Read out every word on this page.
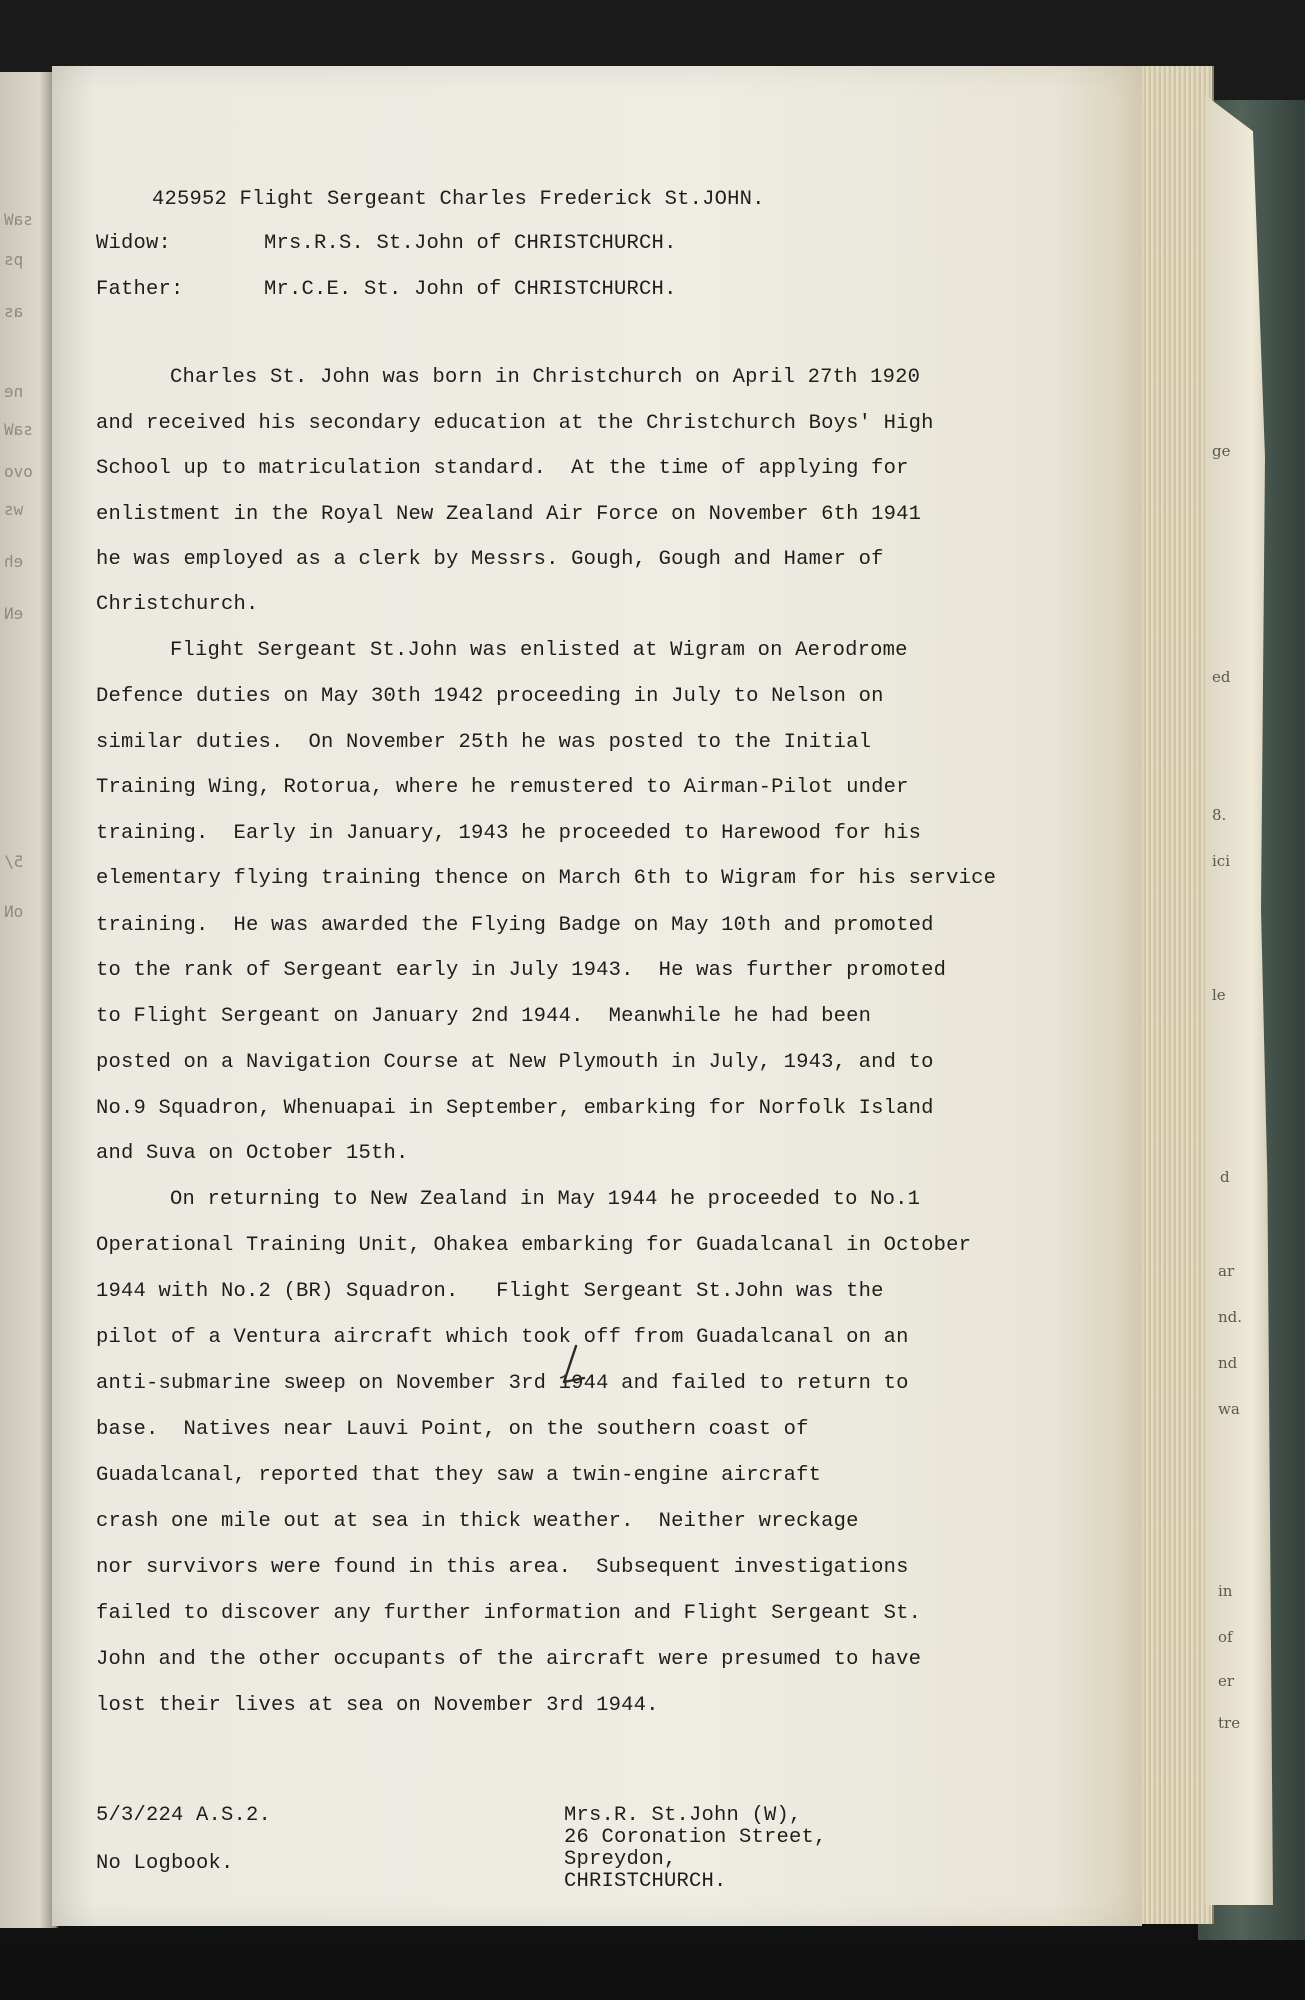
saW
ps
as
ne
saW
ovo
ws
eh
eN
5/
oN
ge
ed
8.
ici
le
d
ar
nd.
nd
wa
in
of
er
tre
425952 Flight Sergeant Charles Frederick St.JOHN.
Widow:	Mrs.R.S. St.John of CHRISTCHURCH.
Father:	Mr.C.E. St. John of CHRISTCHURCH.
Charles St. John was born in Christchurch on April 27th 1920
and received his secondary education at the Christchurch Boys' High
School up to matriculation standard.  At the time of applying for
enlistment in the Royal New Zealand Air Force on November 6th 1941
he was employed as a clerk by Messrs. Gough, Gough and Hamer of
Christchurch.
Flight Sergeant St.John was enlisted at Wigram on Aerodrome
Defence duties on May 30th 1942 proceeding in July to Nelson on
similar duties.  On November 25th he was posted to the Initial
Training Wing, Rotorua, where he remustered to Airman-Pilot under
training.  Early in January, 1943 he proceeded to Harewood for his
elementary flying training thence on March 6th to Wigram for his service
training.  He was awarded the Flying Badge on May 10th and promoted
to the rank of Sergeant early in July 1943.  He was further promoted
to Flight Sergeant on January 2nd 1944.  Meanwhile he had been
posted on a Navigation Course at New Plymouth in July, 1943, and to
No.9 Squadron, Whenuapai in September, embarking for Norfolk Island
and Suva on October 15th.
On returning to New Zealand in May 1944 he proceeded to No.1
Operational Training Unit, Ohakea embarking for Guadalcanal in October
1944 with No.2 (BR) Squadron.   Flight Sergeant St.John was the
pilot of a Ventura aircraft which took off from Guadalcanal on an
anti-submarine sweep on November 3rd 1944 and failed to return to
base.  Natives near Lauvi Point, on the southern coast of
Guadalcanal, reported that they saw a twin-engine aircraft
crash one mile out at sea in thick weather.  Neither wreckage
nor survivors were found in this area.  Subsequent investigations
failed to discover any further information and Flight Sergeant St.
John and the other occupants of the aircraft were presumed to have
lost their lives at sea on November 3rd 1944.
5/3/224 A.S.2.
No Logbook.
Mrs.R. St.John (W),
26 Coronation Street,
Spreydon,
CHRISTCHURCH.
